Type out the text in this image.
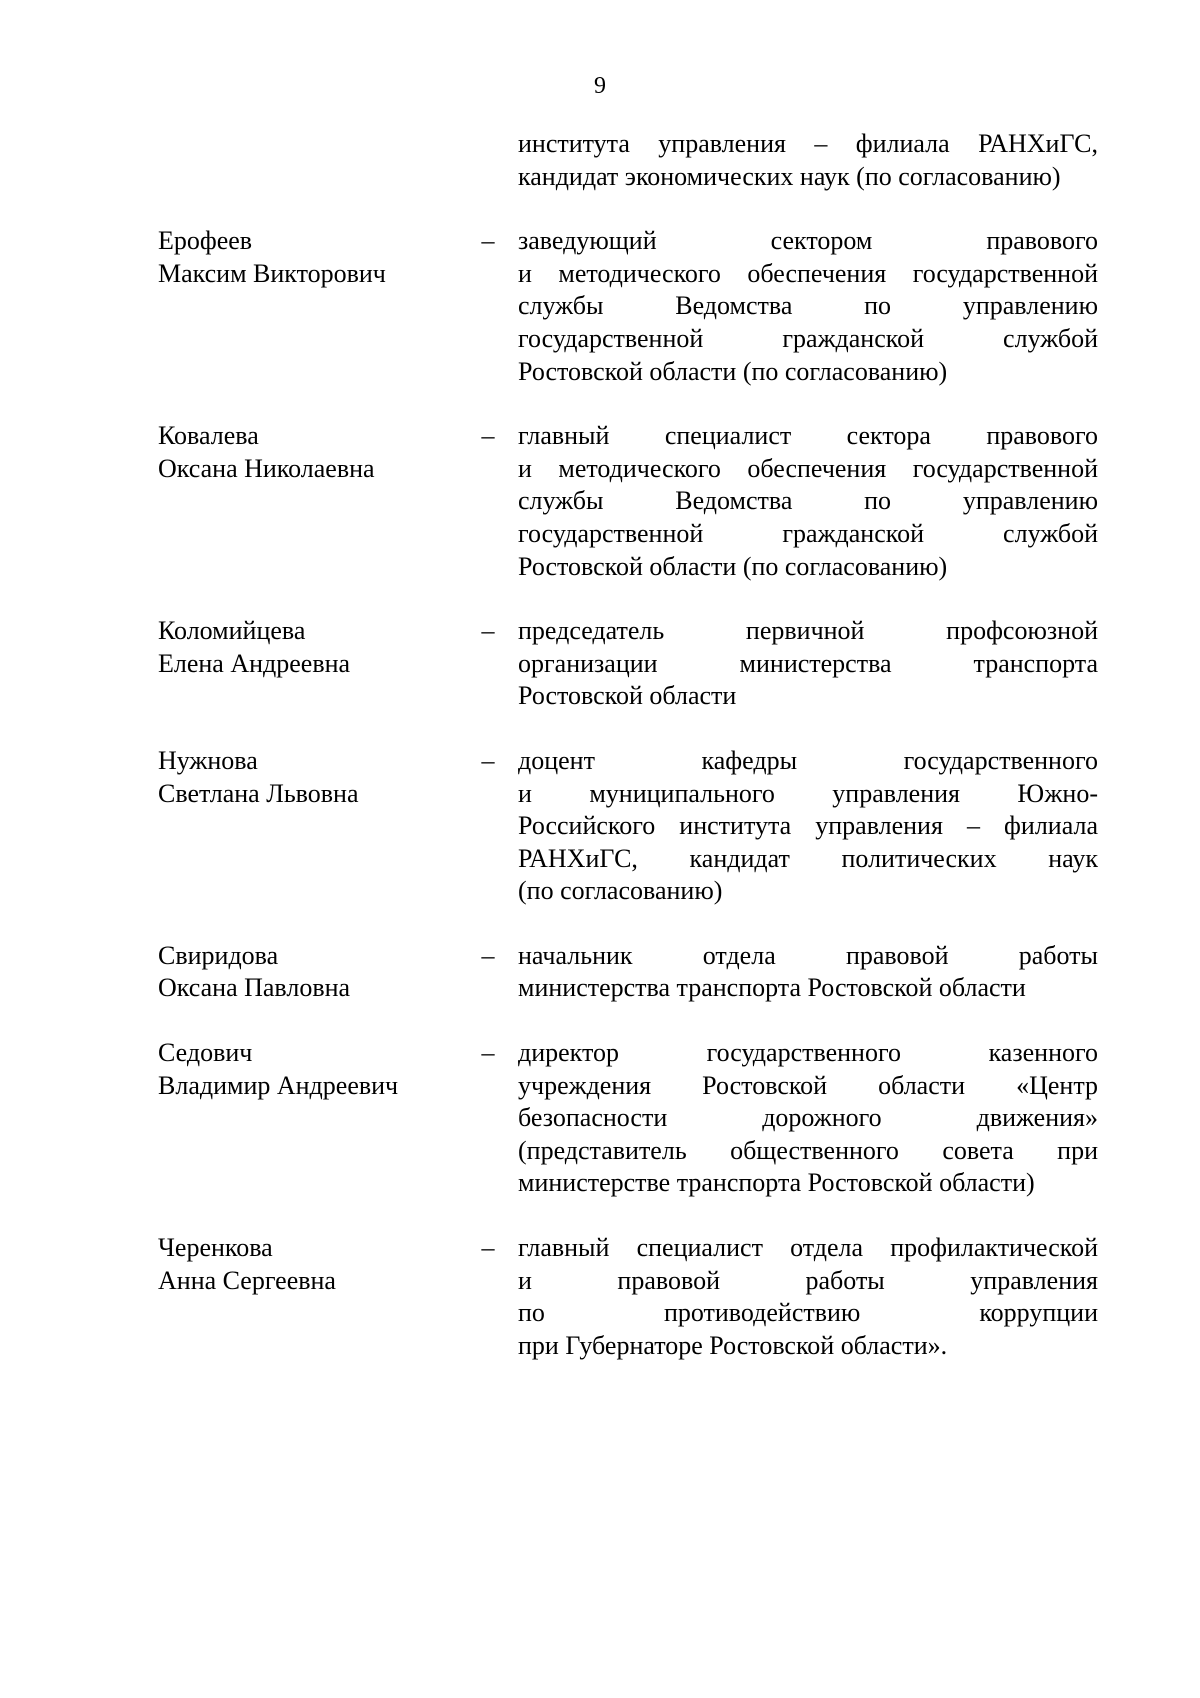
9

института управления – филиала РАНХиГС,
кандидат экономических наук (по согласованию)
Ерофеев
Максим Викторович
– заведующий сектором правового
и методического обеспечения государственной
службы Ведомства по управлению
государственной гражданской службой
Ростовской области (по согласованию)
Ковалева
Оксана Николаевна
– главный специалист сектора правового
и методического обеспечения государственной
службы Ведомства по управлению
государственной гражданской службой
Ростовской области (по согласованию)
Коломийцева
Елена Андреевна
– председатель первичной профсоюзной
организации министерства транспорта
Ростовской области
Нужнова
Светлана Львовна
– доцент кафедры государственного
и муниципального управления Южно-
Российского института управления – филиала
РАНХиГС, кандидат политических наук
(по согласованию)
Свиридова
Оксана Павловна
– начальник отдела правовой работы
министерства транспорта Ростовской области
Седович
Владимир Андреевич
– директор государственного казенного
учреждения Ростовской области «Центр
безопасности дорожного движения»
(представитель общественного совета при
министерстве транспорта Ростовской области)
Черенкова
Анна Сергеевна
– главный специалист отдела профилактической
и правовой работы управления
по противодействию коррупции
при Губернаторе Ростовской области».
